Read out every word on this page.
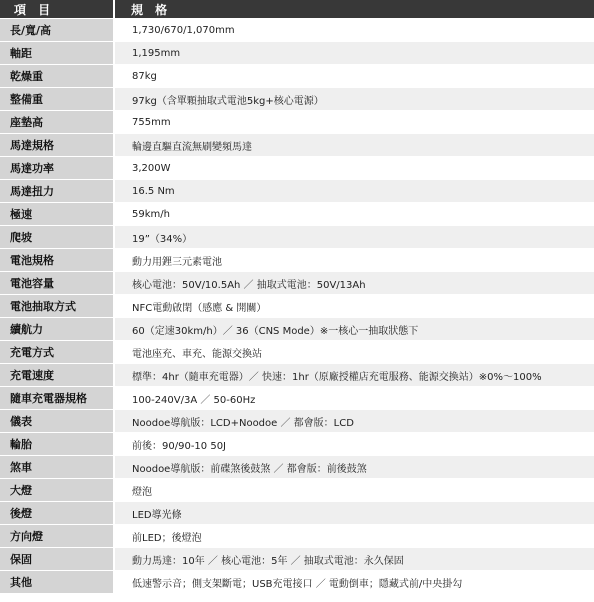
項 目	規 格
長/寬/高	1,730/670/1,070mm
軸距	1,195mm
乾燥重	87kg
整備重	97kg（含單顆抽取式電池5kg+核心電源）
座墊高	755mm
馬達規格	輪邊直驅直流無刷變頻馬達
馬達功率	3,200W
馬達扭力	16.5 Nm
極速	59km/h
爬坡	19”（34%）
電池規格	動力用鋰三元素電池
電池容量	核心電池：50V/10.5Ah ／ 抽取式電池：50V/13Ah
電池抽取方式	NFC電動啟閉（感應 & 開關）
續航力	60（定速30km/h）／ 36（CNS Mode）※一核心一抽取狀態下
充電方式	電池座充、車充、能源交換站
充電速度	標準：4hr（隨車充電器）／ 快速：1hr（原廠授權店充電服務、能源交換站）※0%～100%
隨車充電器規格	100-240V/3A ／ 50-60Hz
儀表	Noodoe導航版：LCD+Noodoe ／ 都會版：LCD
輪胎	前後：90/90-10 50J
煞車	Noodoe導航版：前碟煞後鼓煞 ／ 都會版：前後鼓煞
大燈	燈泡
後燈	LED導光條
方向燈	前LED；後燈泡
保固	動力馬達：10年 ／ 核心電池：5年 ／ 抽取式電池：永久保固
其他	低速警示音；側支架斷電；USB充電接口 ／ 電動倒車；隱藏式前/中央掛勾
